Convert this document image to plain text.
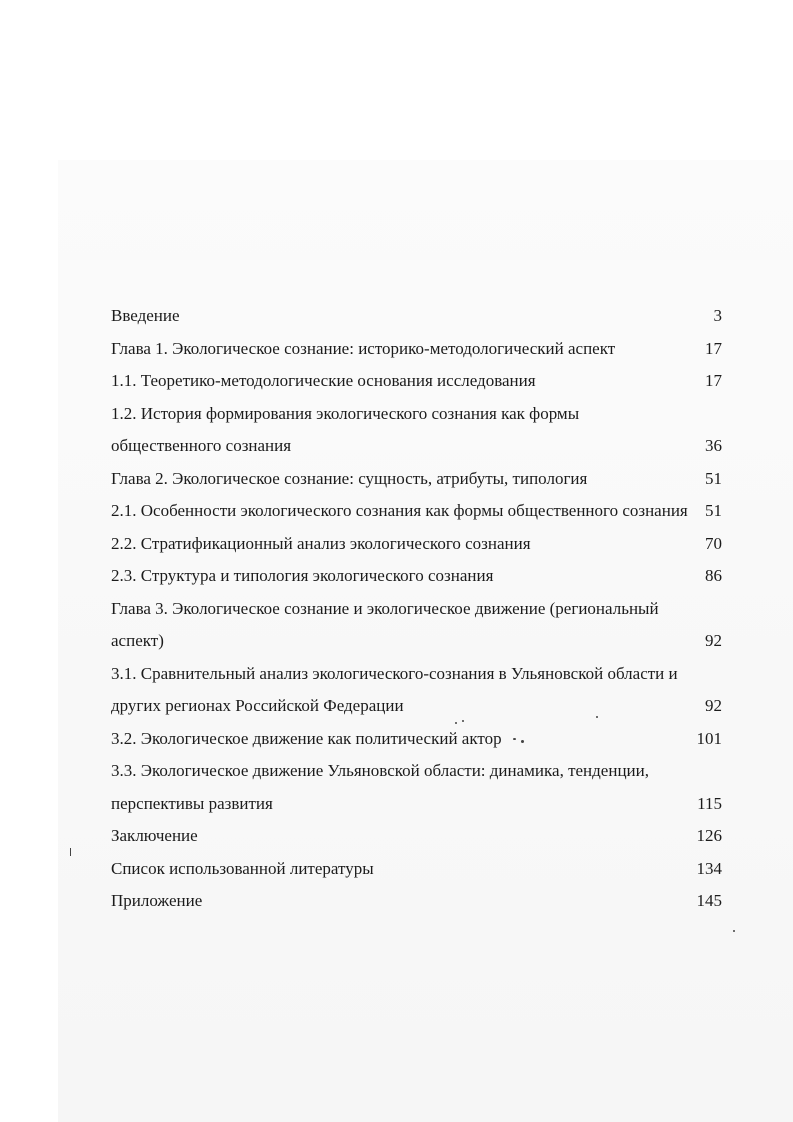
Введение	3
Глава 1. Экологическое сознание: историко-методологический аспект	17
1.1. Теоретико-методологические основания исследования	17
1.2. История формирования экологического сознания как формы общественного сознания	36
Глава 2. Экологическое сознание: сущность, атрибуты, типология	51
2.1. Особенности экологического сознания как формы общественного сознания	51
2.2. Стратификационный анализ экологического сознания	70
2.3. Структура и типология экологического сознания	86
Глава 3. Экологическое сознание и экологическое движение (региональный аспект)	92
3.1. Сравнительный анализ экологического-сознания в Ульяновской области и других регионах Российской Федерации	92
3.2. Экологическое движение как политический актор	101
3.3. Экологическое движение Ульяновской области: динамика, тенденции, перспективы развития	115
Заключение	126
Список использованной литературы	134
Приложение	145
